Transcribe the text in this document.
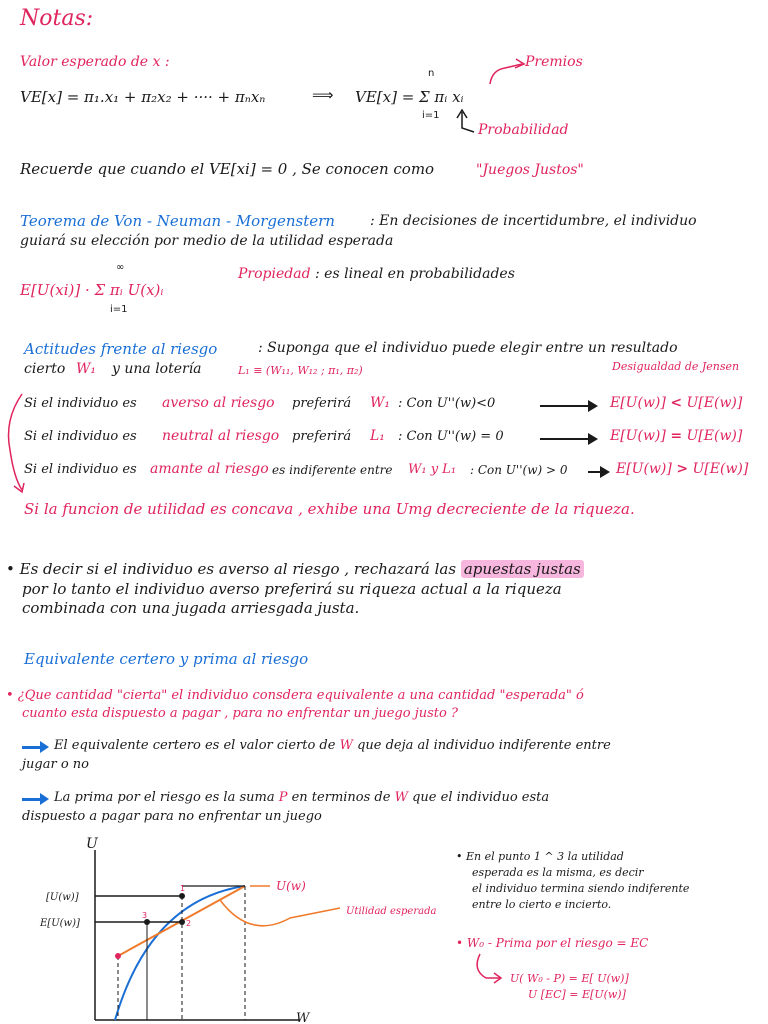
Notas:
Valor esperado de x :
VE[x] = π₁.x₁ + π₂x₂ + ···· + πₙxₙ	⟹ VE[x] = Σ πᵢ xᵢ
n
i=1
Premios
Probabilidad
Recuerde que cuando el VE[xi] = 0 , Se conocen como	"Juegos Justos"
Teorema de Von - Neuman - Morgenstern	: En decisiones de incertidumbre, el individuo
guiará su elección por medio de la utilidad esperada
E[U(xi)] · Σ πᵢ U(x)ᵢ
∞
i=1
Propiedad : es lineal en probabilidades
Actitudes frente al riesgo	: Suponga que el individuo puede elegir entre un resultado
cierto W₁ y una lotería	L₁ ≡ (W₁₁, W₁₂ ; π₁, π₂)	Desigualdad de Jensen
Si el individuo es averso al riesgo preferirá W₁ : Con U''(w)<0	E[U(w)] < U[E(w)]
Si el individuo es neutral al riesgo preferirá L₁ : Con U''(w) = 0	E[U(w)] = U[E(w)]
Si el individuo es amante al riesgo es indiferente entre W₁ y L₁ : Con U''(w) > 0	E[U(w)] > U[E(w)]
Si la funcion de utilidad es concava , exhibe una Umg decreciente de la riqueza.
• Es decir si el individuo es averso al riesgo , rechazará las apuestas justas
por lo tanto el individuo averso preferirá su riqueza actual a la riqueza
combinada con una jugada arriesgada justa.
Equivalente certero y prima al riesgo
• ¿Que cantidad "cierta" el individuo consdera equivalente a una cantidad "esperada" ó
cuanto esta dispuesto a pagar , para no enfrentar un juego justo ?
El equivalente certero es el valor cierto de W que deja al individuo indiferente entre
jugar o no
La prima por el riesgo es la suma P en terminos de W que el individuo esta
dispuesto a pagar para no enfrentar un juego
U
W
U(w)
Utilidad esperada
[U(w)]
E[U(w)]
1
2
3
• En el punto 1 ^ 3 la utilidad
esperada es la misma, es decir
el individuo termina siendo indiferente
entre lo cierto e incierto.
• W₀ - Prima por el riesgo = EC
U( W₀ - P) = E[ U(w)]
U [EC] = E[U(w)]
